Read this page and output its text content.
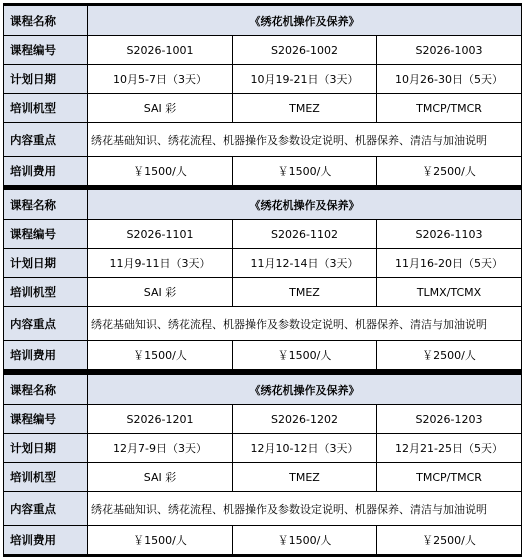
课程名称	《绣花机操作及保养》		
课程编号	S2026-1001	S2026-1002	S2026-1003
计划日期	10月5-7日（3天）	10月19-21日（3天）	10月26-30日（5天）
培训机型	SAI 彩	TMEZ	TMCP/TMCR
内容重点	绣花基础知识、绣花流程、机器操作及参数设定说明、机器保养、清洁与加油说明		
培训费用	￥1500/人	￥1500/人	￥2500/人
课程名称	《绣花机操作及保养》		
课程编号	S2026-1101	S2026-1102	S2026-1103
计划日期	11月9-11日（3天）	11月12-14日（3天）	11月16-20日（5天）
培训机型	SAI 彩	TMEZ	TLMX/TCMX
内容重点	绣花基础知识、绣花流程、机器操作及参数设定说明、机器保养、清洁与加油说明		
培训费用	￥1500/人	￥1500/人	￥2500/人
课程名称	《绣花机操作及保养》		
课程编号	S2026-1201	S2026-1202	S2026-1203
计划日期	12月7-9日（3天）	12月10-12日（3天）	12月21-25日（5天）
培训机型	SAI 彩	TMEZ	TMCP/TMCR
内容重点	绣花基础知识、绣花流程、机器操作及参数设定说明、机器保养、清洁与加油说明		
培训费用	￥1500/人	￥1500/人	￥2500/人
